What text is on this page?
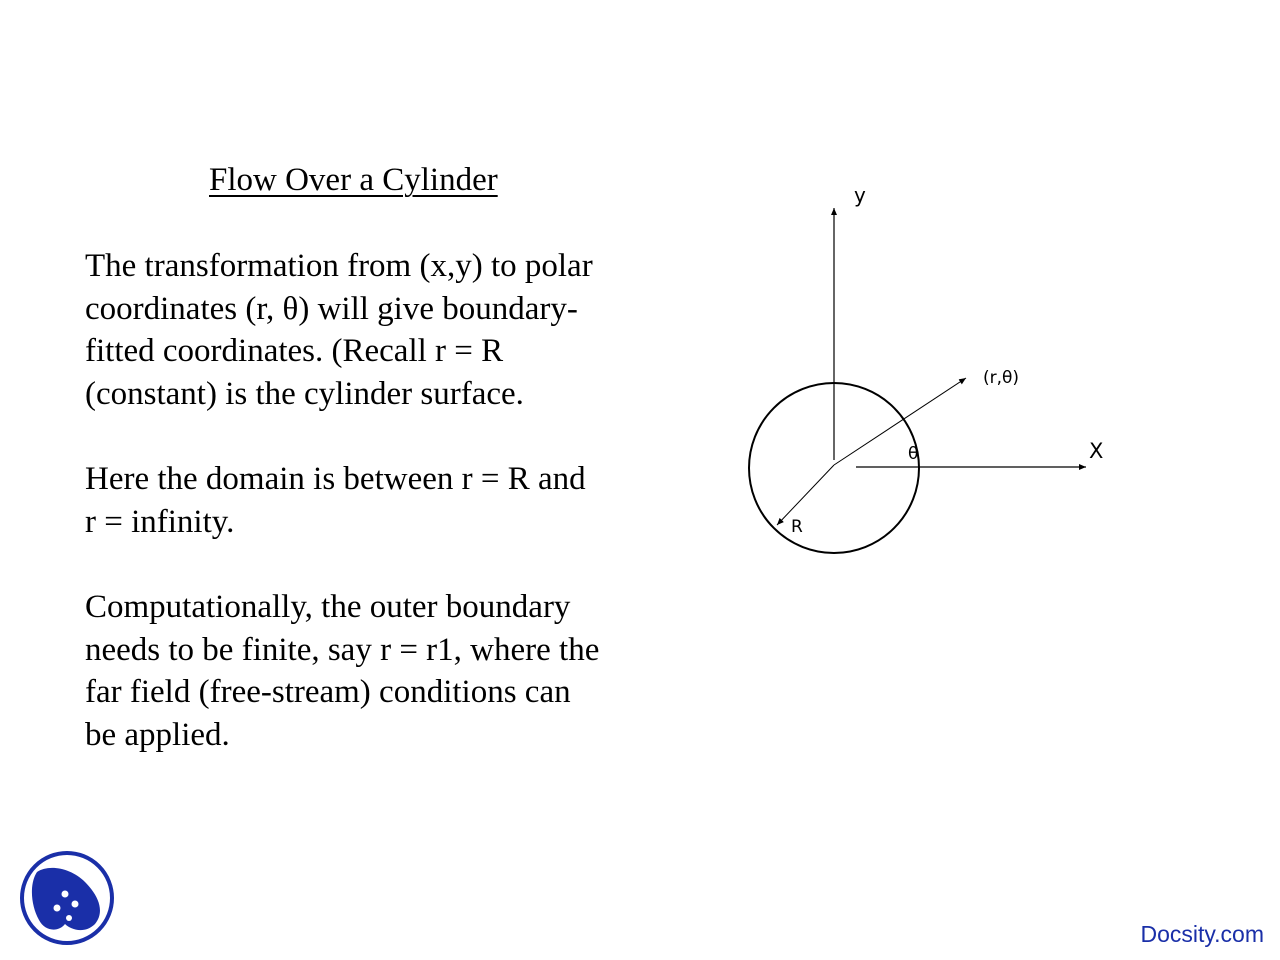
Flow Over a Cylinder

The transformation from (x,y) to polar
coordinates (r, θ) will give boundary-
fitted coordinates. (Recall r = R
(constant) is the cylinder surface.

Here the domain is between r = R and
r = infinity.

Computationally, the outer boundary
needs to be finite, say r = r1, where the
far field (free-stream) conditions can
be applied.

y
X
(r,θ)
θ
R
Docsity.com
